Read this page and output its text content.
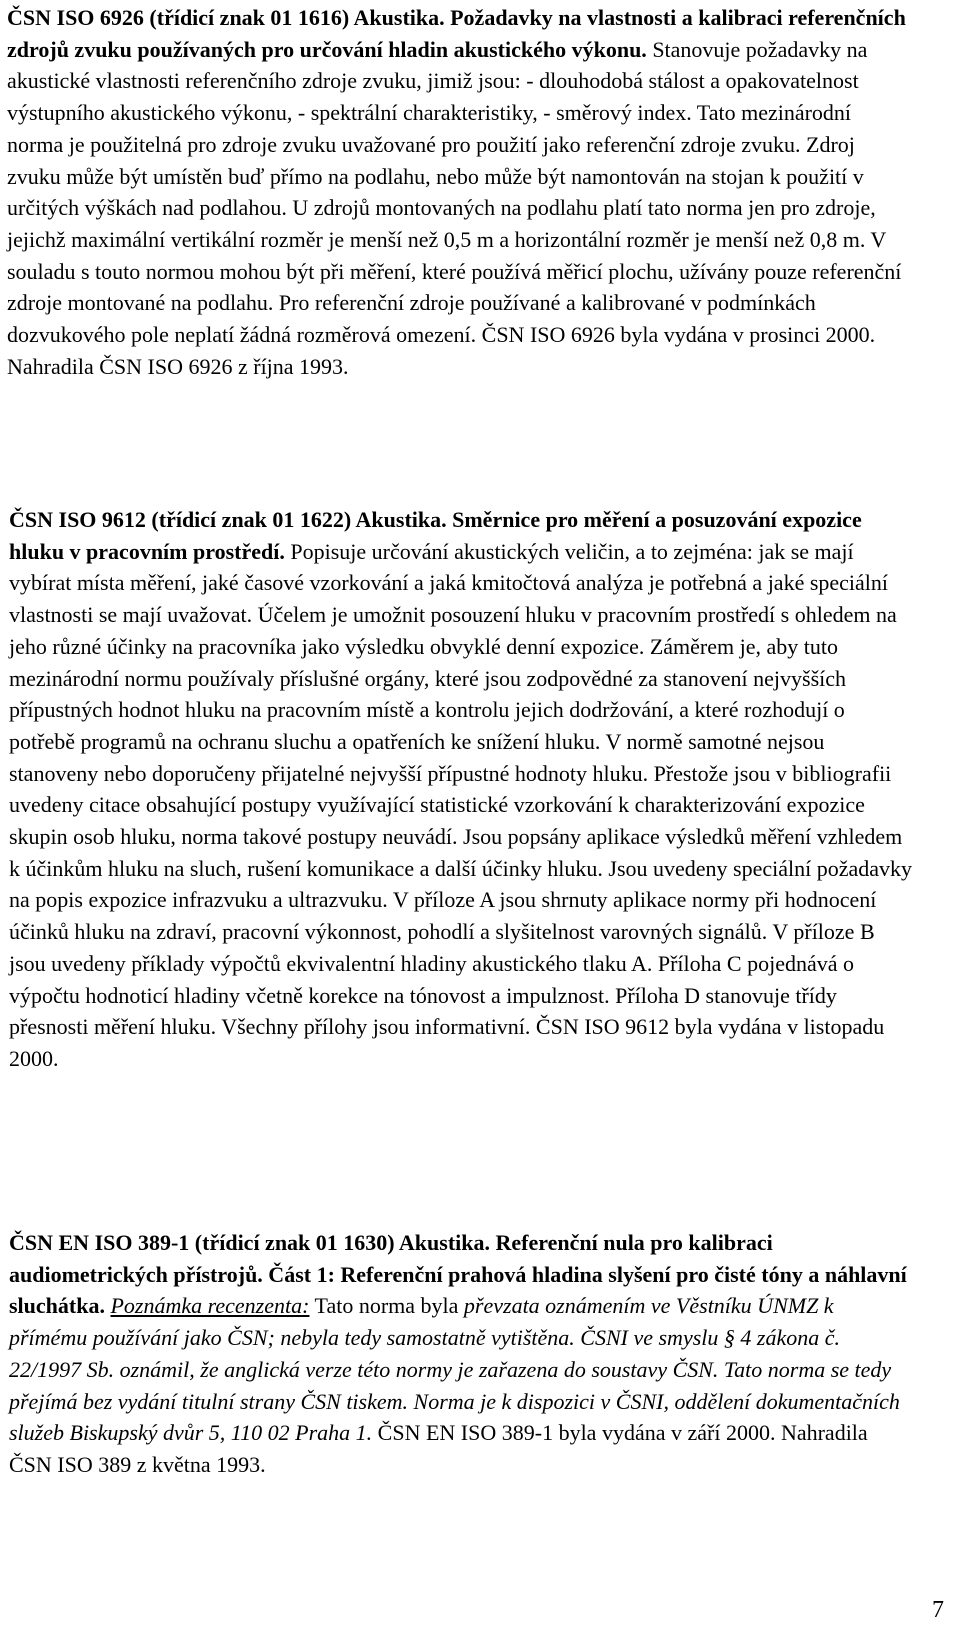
ČSN ISO 6926 (třídicí znak 01 1616) Akustika. Požadavky na vlastnosti a kalibraci referenčních zdrojů zvuku používaných pro určování hladin akustického výkonu. Stanovuje požadavky na akustické vlastnosti referenčního zdroje zvuku, jimiž jsou: - dlouhodobá stálost a opakovatelnost výstupního akustického výkonu, - spektrální charakteristiky, - směrový index. Tato mezinárodní norma je použitelná pro zdroje zvuku uvažované pro použití jako referenční zdroje zvuku. Zdroj zvuku může být umístěn buď přímo na podlahu, nebo může být namontován na stojan k použití v určitých výškách nad podlahou. U zdrojů montovaných na podlahu platí tato norma jen pro zdroje, jejichž maximální vertikální rozměr je menší než 0,5 m a horizontální rozměr je menší než 0,8 m. V souladu s touto normou mohou být při měření, které používá měřicí plochu, užívány pouze referenční zdroje montované na podlahu. Pro referenční zdroje používané a kalibrované v podmínkách dozvukového pole neplatí žádná rozměrová omezení. ČSN ISO 6926 byla vydána v prosinci 2000. Nahradila ČSN ISO 6926 z října 1993.

ČSN ISO 9612 (třídicí znak 01 1622) Akustika. Směrnice pro měření a posuzování expozice hluku v pracovním prostředí. Popisuje určování akustických veličin, a to zejména: jak se mají vybírat místa měření, jaké časové vzorkování a jaká kmitočtová analýza je potřebná a jaké speciální vlastnosti se mají uvažovat. Účelem je umožnit posouzení hluku v pracovním prostředí s ohledem na jeho různé účinky na pracovníka jako výsledku obvyklé denní expozice. Záměrem je, aby tuto mezinárodní normu používaly příslušné orgány, které jsou zodpovědné za stanovení nejvyšších přípustných hodnot hluku na pracovním místě a kontrolu jejich dodržování, a které rozhodují o potřebě programů na ochranu sluchu a opatřeních ke snížení hluku. V normě samotné nejsou stanoveny nebo doporučeny přijatelné nejvyšší přípustné hodnoty hluku. Přestože jsou v bibliografii uvedeny citace obsahující postupy využívající statistické vzorkování k charakterizování expozice skupin osob hluku, norma takové postupy neuvádí. Jsou popsány aplikace výsledků měření vzhledem k účinkům hluku na sluch, rušení komunikace a další účinky hluku. Jsou uvedeny speciální požadavky na popis expozice infrazvuku a ultrazvuku. V příloze A jsou shrnuty aplikace normy při hodnocení účinků hluku na zdraví, pracovní výkonnost, pohodlí a slyšitelnost varovných signálů. V příloze B jsou uvedeny příklady výpočtů ekvivalentní hladiny akustického tlaku A. Příloha C pojednává o výpočtu hodnoticí hladiny včetně korekce na tónovost a impulznost. Příloha D stanovuje třídy přesnosti měření hluku. Všechny přílohy jsou informativní. ČSN ISO 9612 byla vydána v listopadu 2000.

ČSN EN ISO 389-1 (třídicí znak 01 1630) Akustika. Referenční nula pro kalibraci audiometrických přístrojů. Část 1: Referenční prahová hladina slyšení pro čisté tóny a náhlavní sluchátka. Poznámka recenzenta: Tato norma byla převzata oznámením ve Věstníku ÚNMZ k přímému používání jako ČSN; nebyla tedy samostatně vytištěna. ČSNI ve smyslu § 4 zákona č. 22/1997 Sb. oznámil, že anglická verze této normy je zařazena do soustavy ČSN. Tato norma se tedy přejímá bez vydání titulní strany ČSN tiskem. Norma je k dispozici v ČSNI, oddělení dokumentačních služeb Biskupský dvůr 5, 110 02 Praha 1. ČSN EN ISO 389-1 byla vydána v září 2000. Nahradila ČSN ISO 389 z května 1993.

7
